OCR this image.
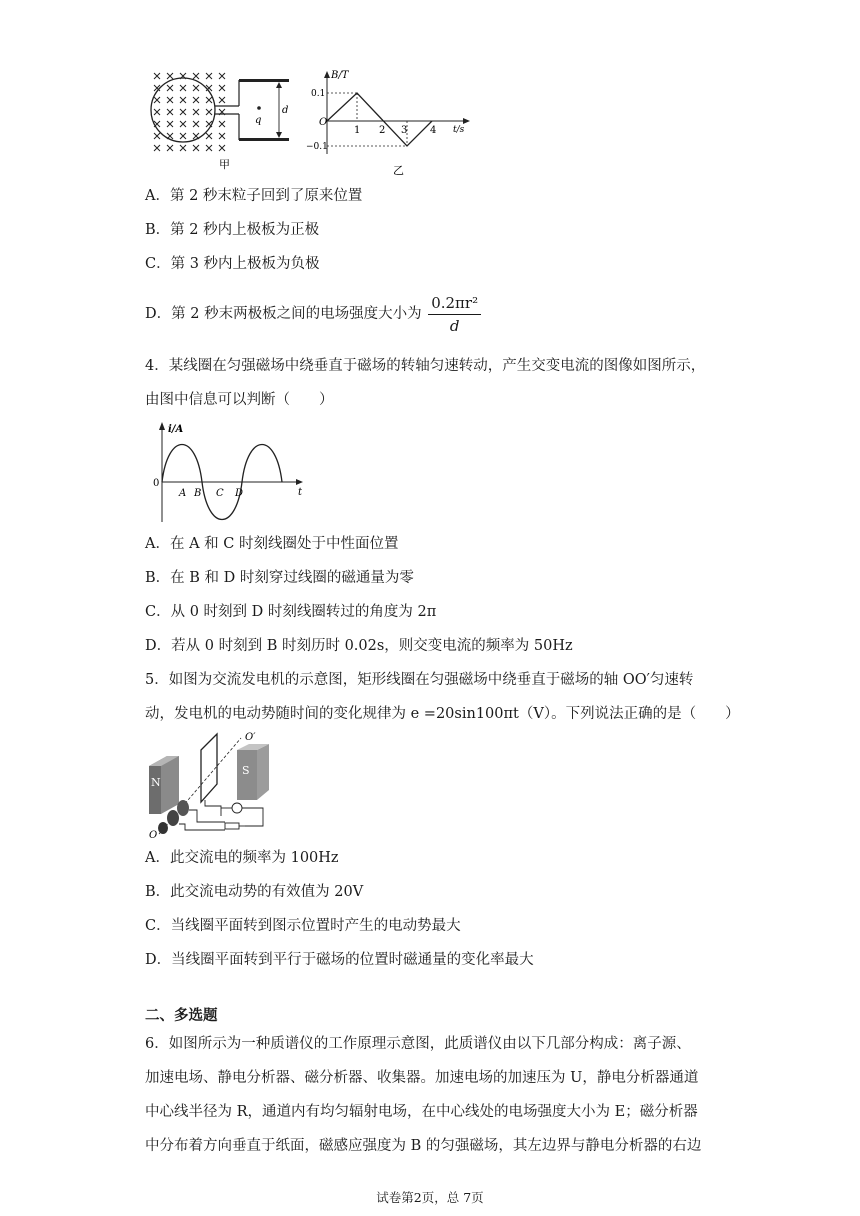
q
d
甲
B/T
t/s
O
0.1
−0.1
1 2 3 4
乙
A．第 2 秒末粒子回到了原来位置
B．第 2 秒内上极板为正极
C．第 3 秒内上极板为负极
D．第 2 秒末两极板之间的电场强度大小为 $\frac{\text{0.2πr²}}{d}$
4．某线圈在匀强磁场中绕垂直于磁场的转轴匀速转动，产生交变电流的图像如图所示，
由图中信息可以判断（　　）
i/A
0
t
A B C D
A．在 A 和 C 时刻线圈处于中性面位置
B．在 B 和 D 时刻穿过线圈的磁通量为零
C．从 0 时刻到 D 时刻线圈转过的角度为 2π
D．若从 0 时刻到 B 时刻历时 0.02s，则交变电流的频率为 50Hz
5．如图为交流发电机的示意图，矩形线圈在匀强磁场中绕垂直于磁场的轴 OO′匀速转
动，发电机的电动势随时间的变化规律为 e =20sin100πt（V）。下列说法正确的是（　　）
N
S
O′
O
A．此交流电的频率为 100Hz
B．此交流电动势的有效值为 20V
C．当线圈平面转到图示位置时产生的电动势最大
D．当线圈平面转到平行于磁场的位置时磁通量的变化率最大
二、多选题
6．如图所示为一种质谱仪的工作原理示意图，此质谱仪由以下几部分构成：离子源、
加速电场、静电分析器、磁分析器、收集器。加速电场的加速压为 U，静电分析器通道
中心线半径为 R，通道内有均匀辐射电场，在中心线处的电场强度大小为 E；磁分析器
中分布着方向垂直于纸面，磁感应强度为 B 的匀强磁场，其左边界与静电分析器的右边
试卷第2页，总 7页
